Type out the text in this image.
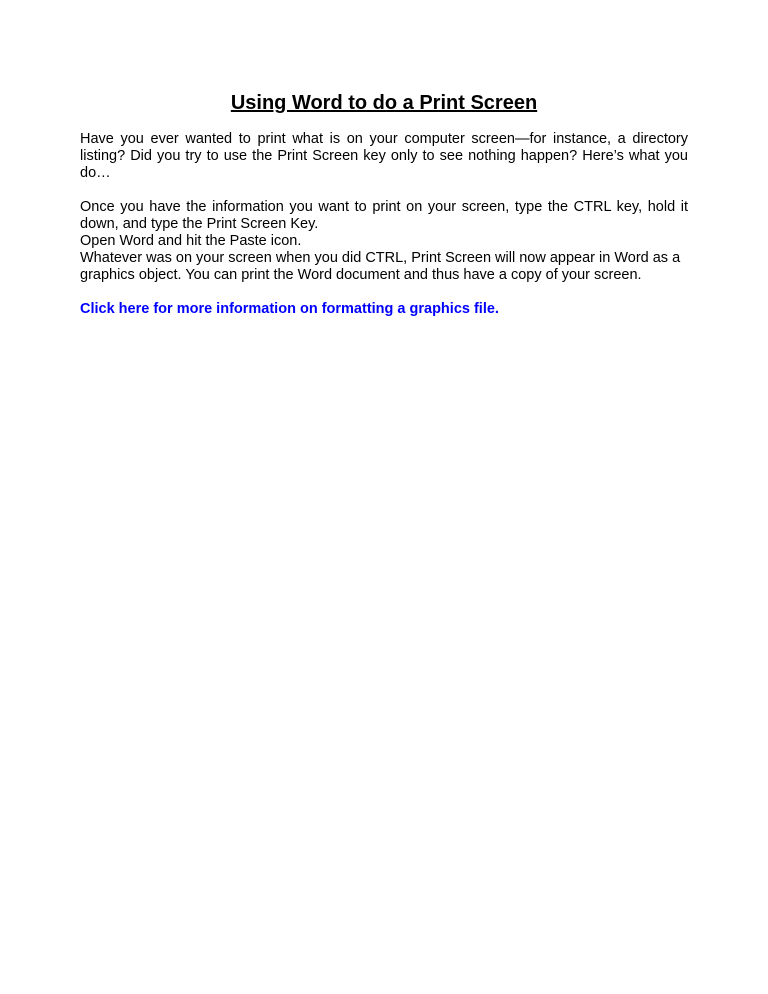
Using Word to do a Print Screen

Have you ever wanted to print what is on your computer screen—for instance, a directory listing? Did you try to use the Print Screen key only to see nothing happen? Here’s what you do…

Once you have the information you want to print on your screen, type the CTRL key, hold it down, and type the Print Screen Key.

Open Word and hit the Paste icon.

Whatever was on your screen when you did CTRL, Print Screen will now appear in Word as a graphics object. You can print the Word document and thus have a copy of your screen.

Click here for more information on formatting a graphics file.
